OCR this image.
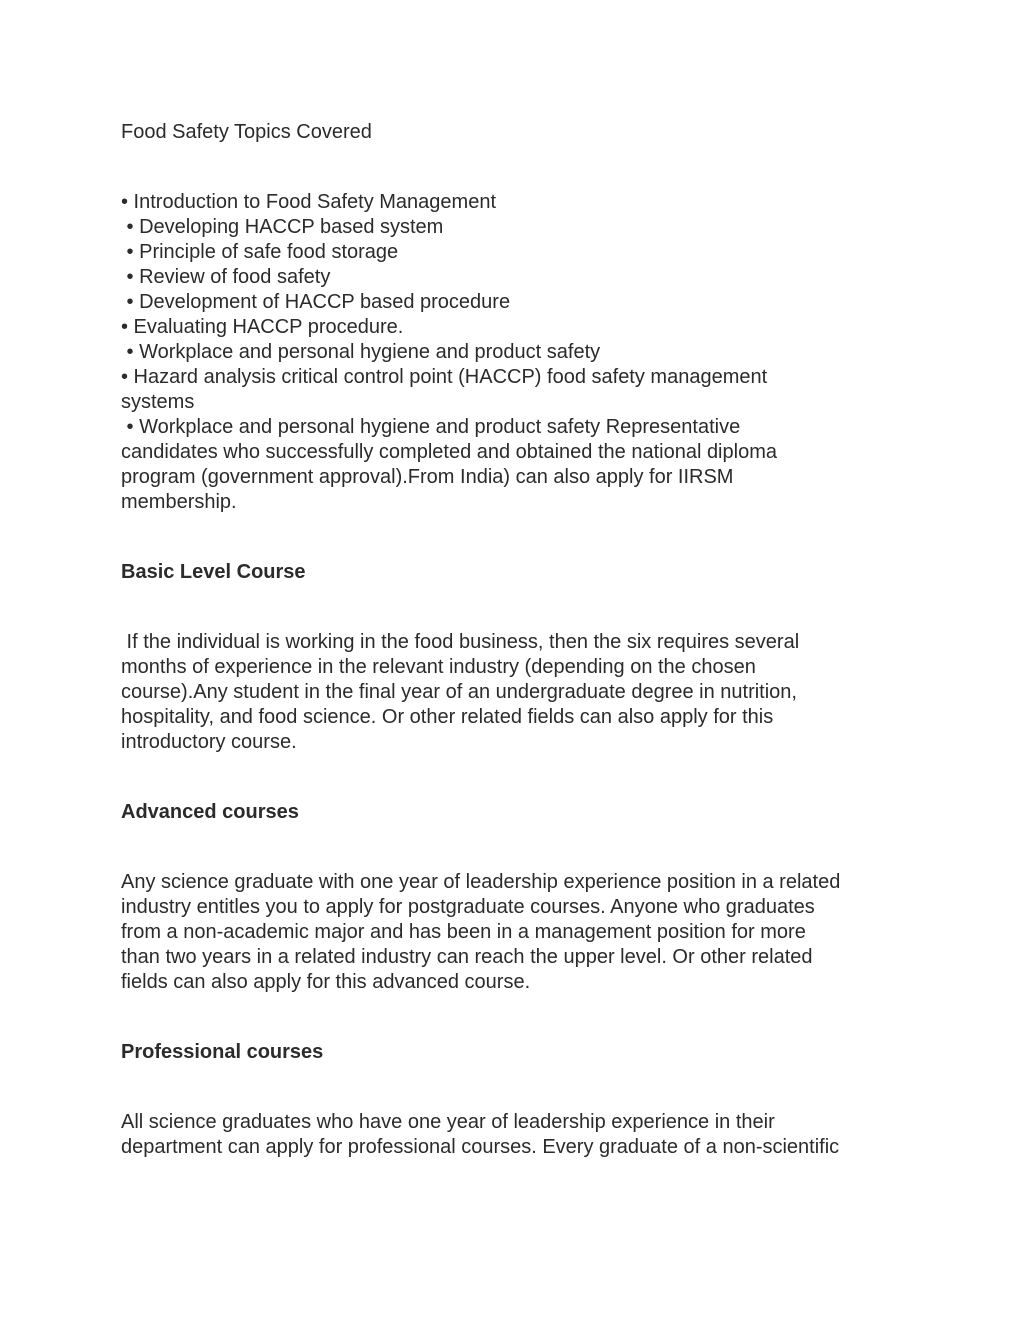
Food Safety Topics Covered
• Introduction to Food Safety Management
• Developing HACCP based system
• Principle of safe food storage
• Review of food safety
• Development of HACCP based procedure
• Evaluating HACCP procedure.
• Workplace and personal hygiene and product safety
• Hazard analysis critical control point (HACCP) food safety management
systems
• Workplace and personal hygiene and product safety Representative
candidates who successfully completed and obtained the national diploma
program (government approval).From India) can also apply for IIRSM
membership.
Basic Level Course
If the individual is working in the food business, then the six requires several
months of experience in the relevant industry (depending on the chosen
course).Any student in the final year of an undergraduate degree in nutrition,
hospitality, and food science. Or other related fields can also apply for this
introductory course.
Advanced courses
Any science graduate with one year of leadership experience position in a related
industry entitles you to apply for postgraduate courses. Anyone who graduates
from a non-academic major and has been in a management position for more
than two years in a related industry can reach the upper level. Or other related
fields can also apply for this advanced course.
Professional courses
All science graduates who have one year of leadership experience in their
department can apply for professional courses. Every graduate of a non-scientific
